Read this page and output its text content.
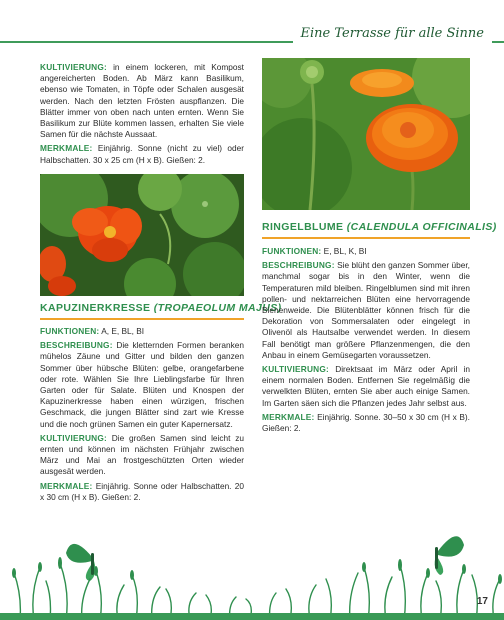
Eine Terrasse für alle Sinne

KULTIVIERUNG: in einem lockeren, mit Kompost angereicherten Boden. Ab März kann Basilikum, ebenso wie Tomaten, in Töpfe oder Schalen ausgesät werden. Nach den letzten Frösten auspflanzen. Die Blätter immer von oben nach unten ernten. Wenn Sie Basilikum zur Blüte kommen lassen, erhalten Sie viele Samen für die nächste Aussaat.

MERKMALE: Einjährig. Sonne (nicht zu viel) oder Halbschatten. 30 x 25 cm (H x B). Gießen: 2.

KAPUZINERKRESSE (TROPAEOLUM MAJUS)

FUNKTIONEN: A, E, BL, BI

BESCHREIBUNG: Die kletternden Formen beranken mühelos Zäune und Gitter und bilden den ganzen Sommer über hübsche Blüten: gelbe, orangefarbene oder rote. Wählen Sie Ihre Lieblingsfarbe für Ihren Garten oder für Salate. Blüten und Knospen der Kapuzinerkresse haben einen würzigen, frischen Geschmack, die jungen Blätter sind zart wie Kresse und die noch grünen Samen ein guter Kapernersatz.

KULTIVIERUNG: Die großen Samen sind leicht zu ernten und können im nächsten Frühjahr zwischen März und Mai an frostgeschützten Orten wieder ausgesät werden.

MERKMALE: Einjährig. Sonne oder Halbschatten. 20 x 30 cm (H x B). Gießen: 2.

RINGELBLUME (CALENDULA OFFICINALIS)

FUNKTIONEN: E, BL, K, BI

BESCHREIBUNG: Sie blüht den ganzen Sommer über, manchmal sogar bis in den Winter, wenn die Temperaturen mild bleiben. Ringelblumen sind mit ihren pollen- und nektarreichen Blüten eine hervorragende Bienenweide. Die Blütenblätter können frisch für die Dekoration von Sommersalaten oder eingelegt in Olivenöl als Hautsalbe verwendet werden. In diesem Fall benötigt man größere Pflanzenmengen, die den Anbau in einem Gemüsegarten voraussetzen.

KULTIVIERUNG: Direktsaat im März oder April in einem normalen Boden. Entfernen Sie regelmäßig die verwelkten Blüten, ernten Sie aber auch einige Samen. Im Garten säen sich die Pflanzen jedes Jahr selbst aus.

MERKMALE: Einjährig. Sonne. 30–50 x 30 cm (H x B). Gießen: 2.

17
